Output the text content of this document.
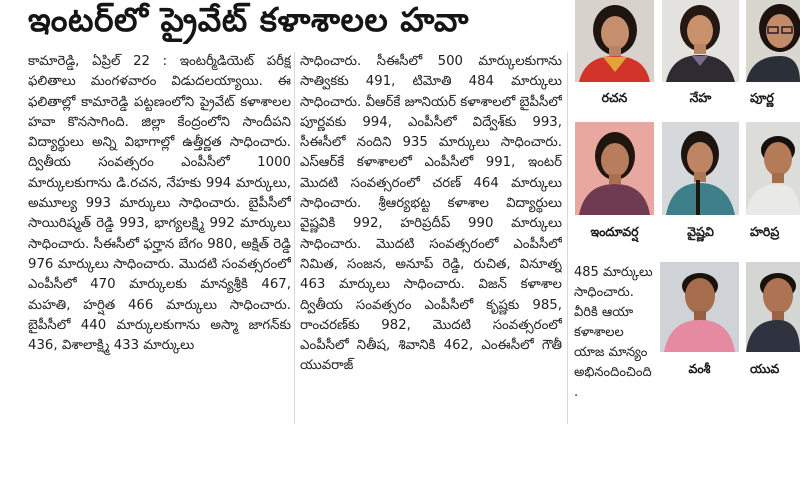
ఇంటర్‌లో ప్రైవేట్ కళాశాలల హవా
కామారెడ్డి, ఏప్రిల్ 22 : ఇంటర్మీడియెట్ పరీక్ష ఫలితాలు మంగళవారం విడుదలయ్యాయి. ఈ ఫలితాల్లో కామారెడ్డి పట్టణంలోని ప్రైవేట్ కళాశాలల హవా కొనసాగింది. జిల్లా కేంద్రంలోని సాందీపని విద్యార్థులు అన్ని విభాగాల్లో ఉత్తీర్ణత సాధించారు. ద్వితీయ సంవత్సరం ఎంపీసీలో 1000 మార్కులకుగాను డి.రచన, నేహకు 994 మార్కులు, అమూల్య 993 మార్కులు సాధించారు. బైపీసీలో సాయిరిష్మత్ రెడ్డి 993, భాగ్యలక్ష్మి 992 మార్కులు సాధించారు. సీఈసీలో ఫర్హాన బేగం 980, అక్షిత్ రెడ్డి 976 మార్కులు సాధించారు. మొదటి సంవత్సరంలో ఎంపీసీలో 470 మార్కులకు మాన్యశ్రీకి 467, మహతి, హర్షిత 466 మార్కులు సాధించారు. బైపీసీలో 440 మార్కులకుగాను అస్మా జాగన్‌కు 436, విశాలాక్ష్మి 433 మార్కులు
సాధించారు. సీఈసీలో 500 మార్కులకుగాను సాత్వికకు 491, టిమోతి 484 మార్కులు సాధించారు. వీఆర్‌కే జూనియర్ కళాశాలలో బైపీసీలో పూర్ణవకు 994, ఎంపీసీలో విద్వేశ్‌కు 993, సీఈసీలో నందిని 935 మార్కులు సాధించారు. ఎస్ఆర్‌కే కళాశాలలో ఎంపీసీలో 991, ఇంటర్ మొదటి సంవత్సరంలో చరణ్ 464 మార్కులు సాధించారు. శ్రీఆర్యభట్ట కళాశాల విద్యార్థులు వైష్ణవికి 992, హరిప్రదీప్ 990 మార్కులు సాధించారు. మొదటి సంవత్సరంలో ఎంపీసీలో నిమిత, సంజన, అనూప్ రెడ్డి, రుచిత, వినూత్న 463 మార్కులు సాధించారు. విజన్ కళాశాల ద్వితీయ సంవత్సరం ఎంపీసీలో కృష్ణకు 985, రాంచరణ్‌కు 982, మొదటి సంవత్సరంలో ఎంపీసీలో నితీష, శివానికి 462, ఎంఈసీలో గౌతీ యువరాజ్
485 మార్కులు సాధించారు. వీరికి ఆయా కళాశాలల యాజ మాన్యం అభినందించింది.
రచన	నేహ	పూర్ణ
ఇందూవర్ష	వైష్ణవి	హరిప్ర
వంశీ	యువ
